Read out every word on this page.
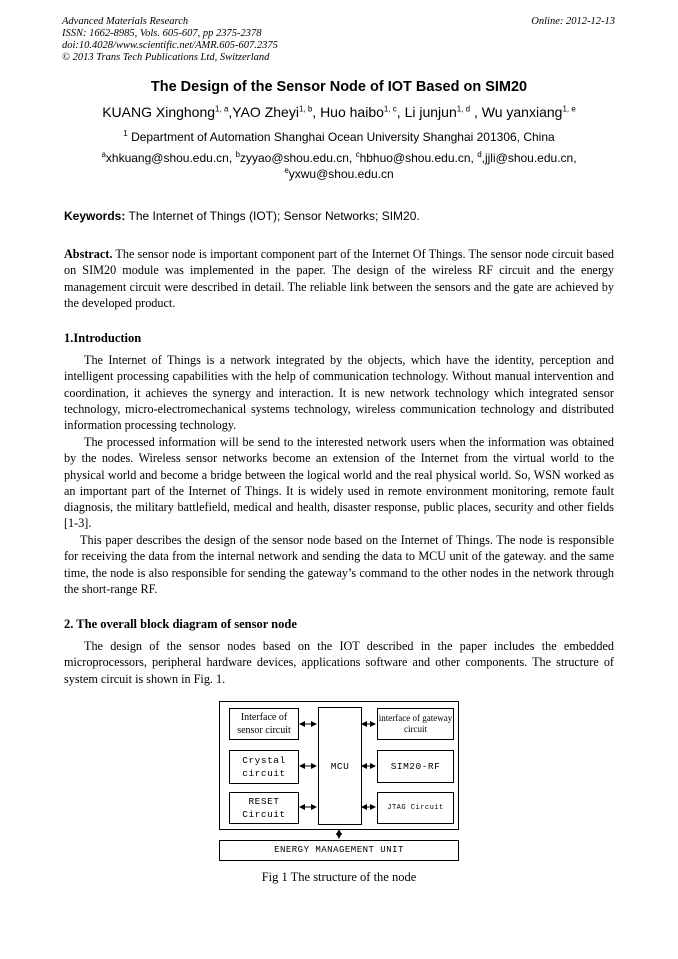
Advanced Materials Research
ISSN: 1662-8985, Vols. 605-607, pp 2375-2378
doi:10.4028/www.scientific.net/AMR.605-607.2375
© 2013 Trans Tech Publications Ltd, Switzerland
Online: 2012-12-13
The Design of the Sensor Node of IOT Based on SIM20
KUANG Xinghong$^{1, a}$,YAO Zheyi$^{1, b}$, Huo haibo$^{1, c}$, Li junjun$^{1, d}$ , Wu yanxiang$^{1, e}$
$^1$ Department of Automation Shanghai Ocean University Shanghai 201306, China
$^a$xhkuang@shou.edu.cn, $^b$zyyao@shou.edu.cn, $^c$hbhuo@shou.edu.cn, $^d$,jjli@shou.edu.cn,
$^e$yxwu@shou.edu.cn
Keywords: The Internet of Things (IOT); Sensor Networks; SIM20.
Abstract. The sensor node is important component part of the Internet Of Things. The sensor node circuit based on SIM20 module was implemented in the paper. The design of the wireless RF circuit and the energy management circuit were described in detail. The reliable link between the sensors and the gate are achieved by the developed product.
1.Introduction
The Internet of Things is a network integrated by the objects, which have the identity, perception and intelligent processing capabilities with the help of communication technology. Without manual intervention and coordination, it achieves the synergy and interaction. It is new network technology which integrated sensor technology, micro-electromechanical systems technology, wireless communication technology and distributed information processing technology.
The processed information will be send to the interested network users when the information was obtained by the nodes. Wireless sensor networks become an extension of the Internet from the virtual world to the physical world and become a bridge between the logical world and the real physical world. So, WSN worked as an important part of the Internet of Things. It is widely used in remote environment monitoring, remote fault diagnosis, the military battlefield, medical and health, disaster response, public places, security and other fields [1-3].
This paper describes the design of the sensor node based on the Internet of Things. The node is responsible for receiving the data from the internal network and sending the data to MCU unit of the gateway. and the same time, the node is also responsible for sending the gateway’s command to the other nodes in the network through the short-range RF.
2. The overall block diagram of sensor node
The design of the sensor nodes based on the IOT described in the paper includes the embedded microprocessors, peripheral hardware devices, applications software and other components. The structure of system circuit is shown in Fig. 1.
Interface of sensor circuit
Crystal circuit
RESET Circuit
MCU
interface of gateway circuit
SIM20-RF
JTAG Circuit
ENERGY MANAGEMENT UNIT
Fig 1 The structure of the node
